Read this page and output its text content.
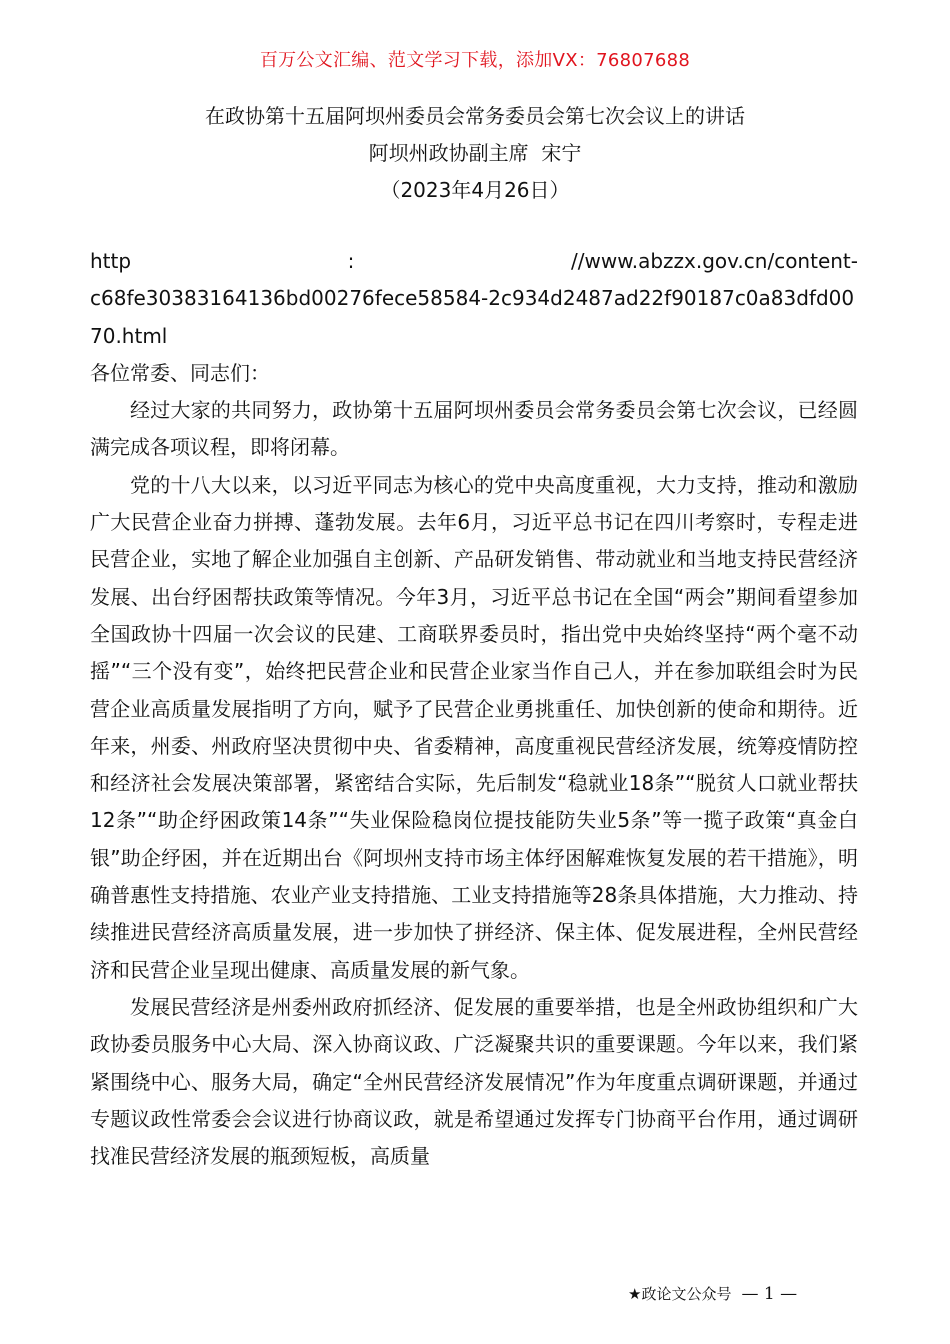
百万公文汇编、范文学习下载，添加VX：76807688
在政协第十五届阿坝州委员会常务委员会第七次会议上的讲话
阿坝州政协副主席  宋宁
（2023年4月26日）
http	:	//www.abzzx.gov.cn/content-
c68fe30383164136bd00276fece58584-2c934d2487ad22f90187c0a83dfd0070.html

各位常委、同志们：

经过大家的共同努力，政协第十五届阿坝州委员会常务委员会第七次会议，已经圆满完成各项议程，即将闭幕。

党的十八大以来，以习近平同志为核心的党中央高度重视，大力支持，推动和激励广大民营企业奋力拼搏、蓬勃发展。去年6月，习近平总书记在四川考察时，专程走进民营企业，实地了解企业加强自主创新、产品研发销售、带动就业和当地支持民营经济发展、出台纾困帮扶政策等情况。今年3月，习近平总书记在全国“两会”期间看望参加全国政协十四届一次会议的民建、工商联界委员时，指出党中央始终坚持“两个毫不动摇”“三个没有变”，始终把民营企业和民营企业家当作自己人，并在参加联组会时为民营企业高质量发展指明了方向，赋予了民营企业勇挑重任、加快创新的使命和期待。近年来，州委、州政府坚决贯彻中央、省委精神，高度重视民营经济发展，统筹疫情防控和经济社会发展决策部署，紧密结合实际，先后制发“稳就业18条”“脱贫人口就业帮扶12条”“助企纾困政策14条”“失业保险稳岗位提技能防失业5条”等一揽子政策“真金白银”助企纾困，并在近期出台《阿坝州支持市场主体纾困解难恢复发展的若干措施》，明确普惠性支持措施、农业产业支持措施、工业支持措施等28条具体措施，大力推动、持续推进民营经济高质量发展，进一步加快了拼经济、保主体、促发展进程，全州民营经济和民营企业呈现出健康、高质量发展的新气象。

发展民营经济是州委州政府抓经济、促发展的重要举措，也是全州政协组织和广大政协委员服务中心大局、深入协商议政、广泛凝聚共识的重要课题。今年以来，我们紧紧围绕中心、服务大局，确定“全州民营经济发展情况”作为年度重点调研课题，并通过专题议政性常委会会议进行协商议政，就是希望通过发挥专门协商平台作用，通过调研找准民营经济发展的瓶颈短板，高质量

★政论文公众号 — 1 —
